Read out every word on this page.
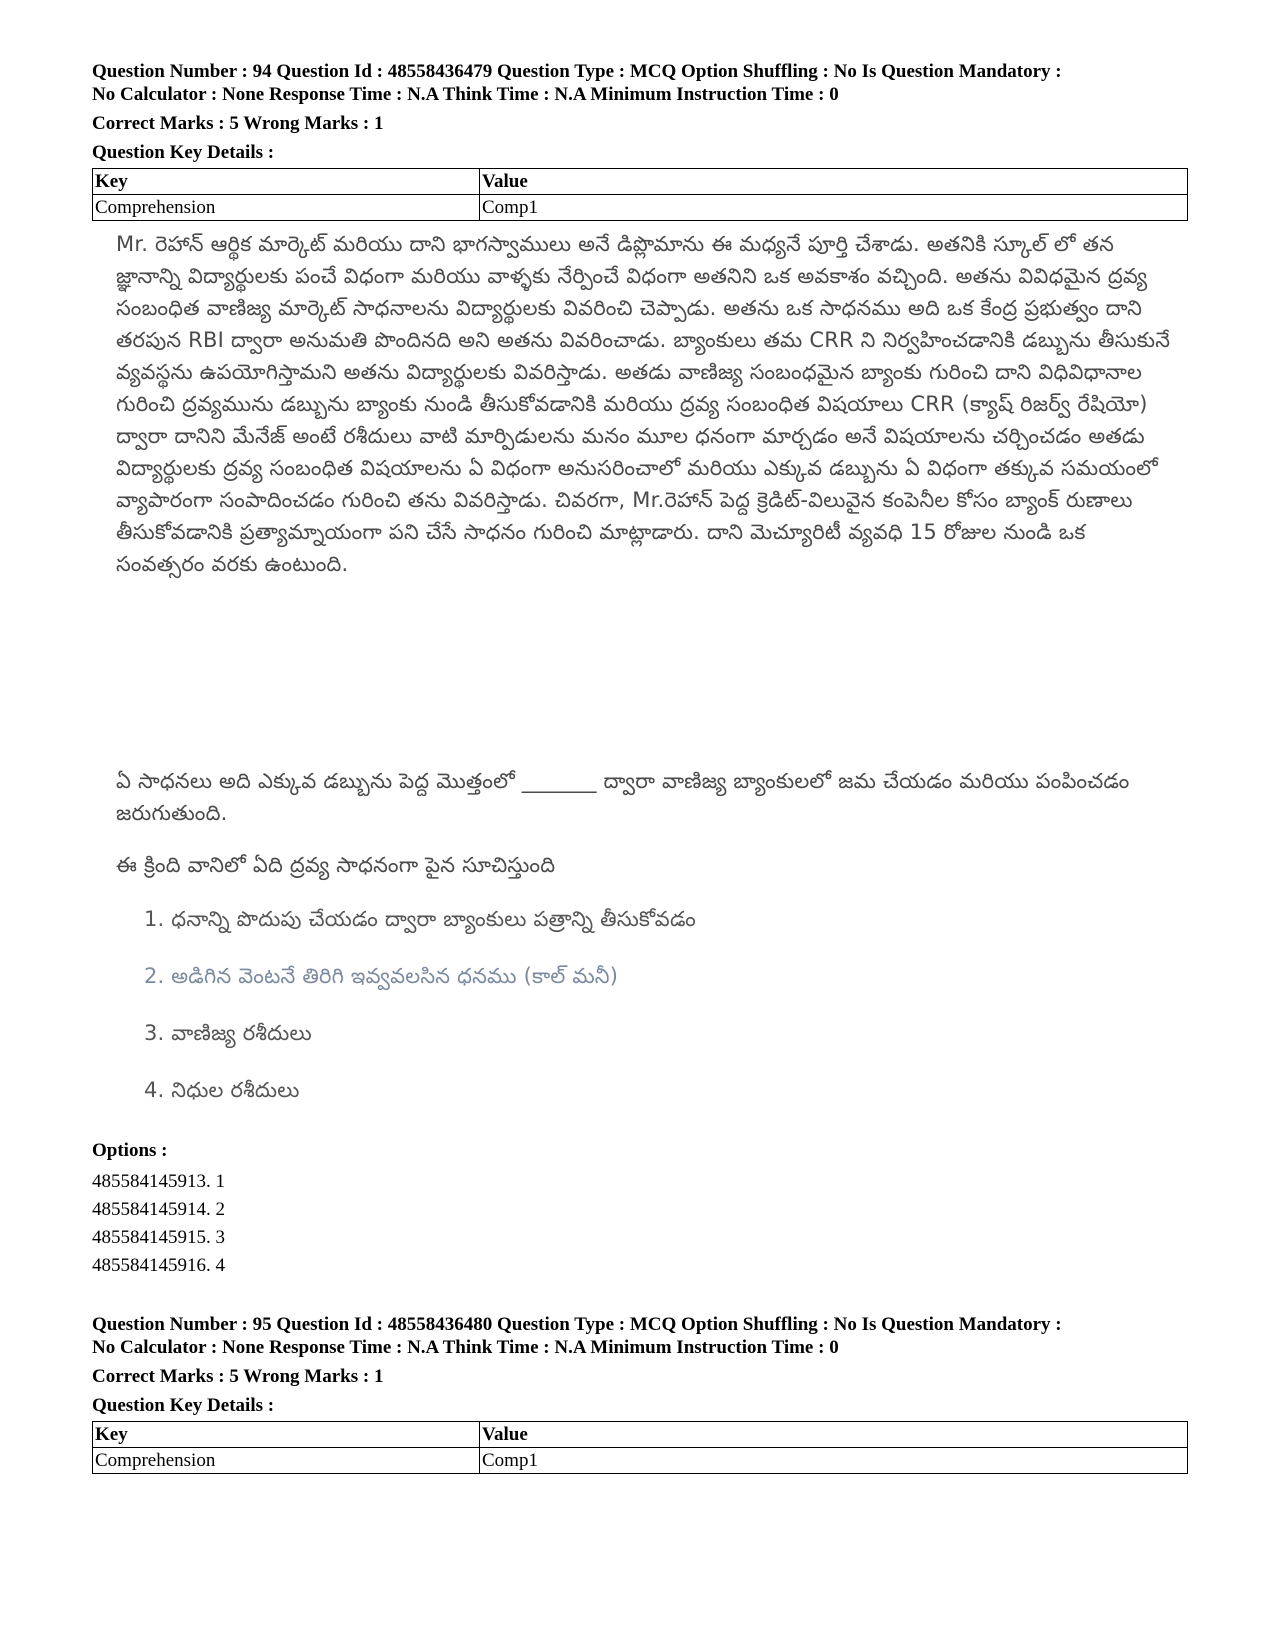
Question Number : 94 Question Id : 48558436479 Question Type : MCQ Option Shuffling : No Is Question Mandatory :
No Calculator : None Response Time : N.A Think Time : N.A Minimum Instruction Time : 0
Correct Marks : 5 Wrong Marks : 1
Question Key Details :
Key	Value
Comprehension	Comp1
Mr. రెహాన్ ఆర్థిక మార్కెట్ మరియు దాని భాగస్వాములు అనే డిప్లొమాను ఈ మధ్యనే పూర్తి చేశాడు. అతనికి స్కూల్ లో తన జ్ఞానాన్ని విద్యార్థులకు పంచే విధంగా మరియు వాళ్ళకు నేర్పించే విధంగా అతనిని ఒక అవకాశం వచ్చింది. అతను వివిధమైన ద్రవ్య సంబంధిత వాణిజ్య మార్కెట్ సాధనాలను విద్యార్థులకు వివరించి చెప్పాడు. అతను ఒక సాధనము అది ఒక కేంద్ర ప్రభుత్వం దాని తరపున RBI ద్వారా అనుమతి పొందినది అని అతను వివరించాడు. బ్యాంకులు తమ CRR ని నిర్వహించడానికి డబ్బును తీసుకునే వ్యవస్థను ఉపయోగిస్తామని అతను విద్యార్థులకు వివరిస్తాడు. అతడు వాణిజ్య సంబంధమైన బ్యాంకు గురించి దాని విధివిధానాల గురించి ద్రవ్యమును డబ్బును బ్యాంకు నుండి తీసుకోవడానికి మరియు ద్రవ్య సంబంధిత విషయాలు CRR (క్యాష్ రిజర్వ్ రేషియో) ద్వారా దానిని మేనేజ్ అంటే రశీదులు వాటి మార్పిడులను మనం మూల ధనంగా మార్చడం అనే విషయాలను చర్చించడం అతడు విద్యార్థులకు ద్రవ్య సంబంధిత విషయాలను ఏ విధంగా అనుసరించాలో మరియు ఎక్కువ డబ్బును ఏ విధంగా తక్కువ సమయంలో వ్యాపారంగా సంపాదించడం గురించి తను వివరిస్తాడు. చివరగా, Mr.రెహాన్ పెద్ద క్రెడిట్-విలువైన కంపెనీల కోసం బ్యాంక్ రుణాలు తీసుకోవడానికి ప్రత్యామ్నాయంగా పని చేసే సాధనం గురించి మాట్లాడారు. దాని మెచ్యూరిటీ వ్యవధి 15 రోజుల నుండి ఒక సంవత్సరం వరకు ఉంటుంది.

ఏ సాధనలు అది ఎక్కువ డబ్బును పెద్ద మొత్తంలో _______ ద్వారా వాణిజ్య బ్యాంకులలో జమ చేయడం మరియు పంపించడం జరుగుతుంది.

ఈ క్రింది వానిలో ఏది ద్రవ్య సాధనంగా పైన సూచిస్తుంది
1. ధనాన్ని పొదుపు చేయడం ద్వారా బ్యాంకులు పత్రాన్ని తీసుకోవడం
2. అడిగిన వెంటనే తిరిగి ఇవ్వవలసిన ధనము (కాల్ మనీ)
3. వాణిజ్య రశీదులు
4. నిధుల రశీదులు
Options :
485584145913. 1
485584145914. 2
485584145915. 3
485584145916. 4
Question Number : 95 Question Id : 48558436480 Question Type : MCQ Option Shuffling : No Is Question Mandatory :
No Calculator : None Response Time : N.A Think Time : N.A Minimum Instruction Time : 0
Correct Marks : 5 Wrong Marks : 1
Question Key Details :
Key	Value
Comprehension	Comp1
